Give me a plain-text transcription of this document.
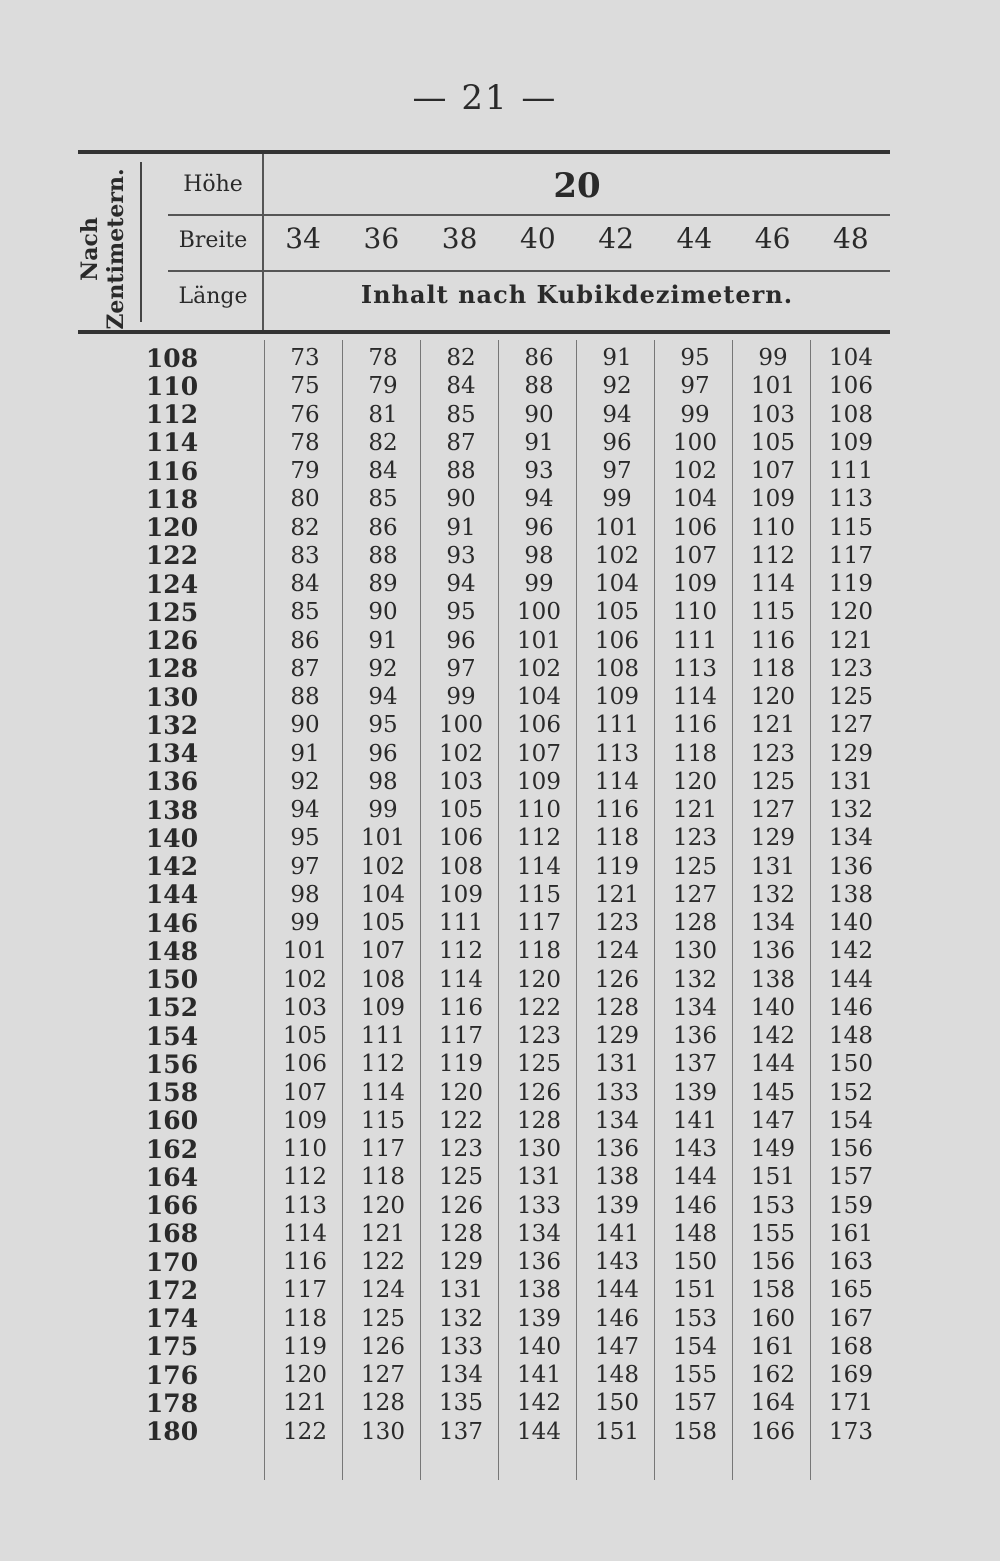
— 21 —
Nach Zentimetern.	Höhe
Breite
Länge
20
34	36	38	40	42	44	46	48
Inhalt nach Kubikdezimetern.
108	73	78	82	86	91	95	99	104
110	75	79	84	88	92	97	101	106
112	76	81	85	90	94	99	103	108
114	78	82	87	91	96	100	105	109
116	79	84	88	93	97	102	107	111
118	80	85	90	94	99	104	109	113
120	82	86	91	96	101	106	110	115
122	83	88	93	98	102	107	112	117
124	84	89	94	99	104	109	114	119
125	85	90	95	100	105	110	115	120
126	86	91	96	101	106	111	116	121
128	87	92	97	102	108	113	118	123
130	88	94	99	104	109	114	120	125
132	90	95	100	106	111	116	121	127
134	91	96	102	107	113	118	123	129
136	92	98	103	109	114	120	125	131
138	94	99	105	110	116	121	127	132
140	95	101	106	112	118	123	129	134
142	97	102	108	114	119	125	131	136
144	98	104	109	115	121	127	132	138
146	99	105	111	117	123	128	134	140
148	101	107	112	118	124	130	136	142
150	102	108	114	120	126	132	138	144
152	103	109	116	122	128	134	140	146
154	105	111	117	123	129	136	142	148
156	106	112	119	125	131	137	144	150
158	107	114	120	126	133	139	145	152
160	109	115	122	128	134	141	147	154
162	110	117	123	130	136	143	149	156
164	112	118	125	131	138	144	151	157
166	113	120	126	133	139	146	153	159
168	114	121	128	134	141	148	155	161
170	116	122	129	136	143	150	156	163
172	117	124	131	138	144	151	158	165
174	118	125	132	139	146	153	160	167
175	119	126	133	140	147	154	161	168
176	120	127	134	141	148	155	162	169
178	121	128	135	142	150	157	164	171
180	122	130	137	144	151	158	166	173
